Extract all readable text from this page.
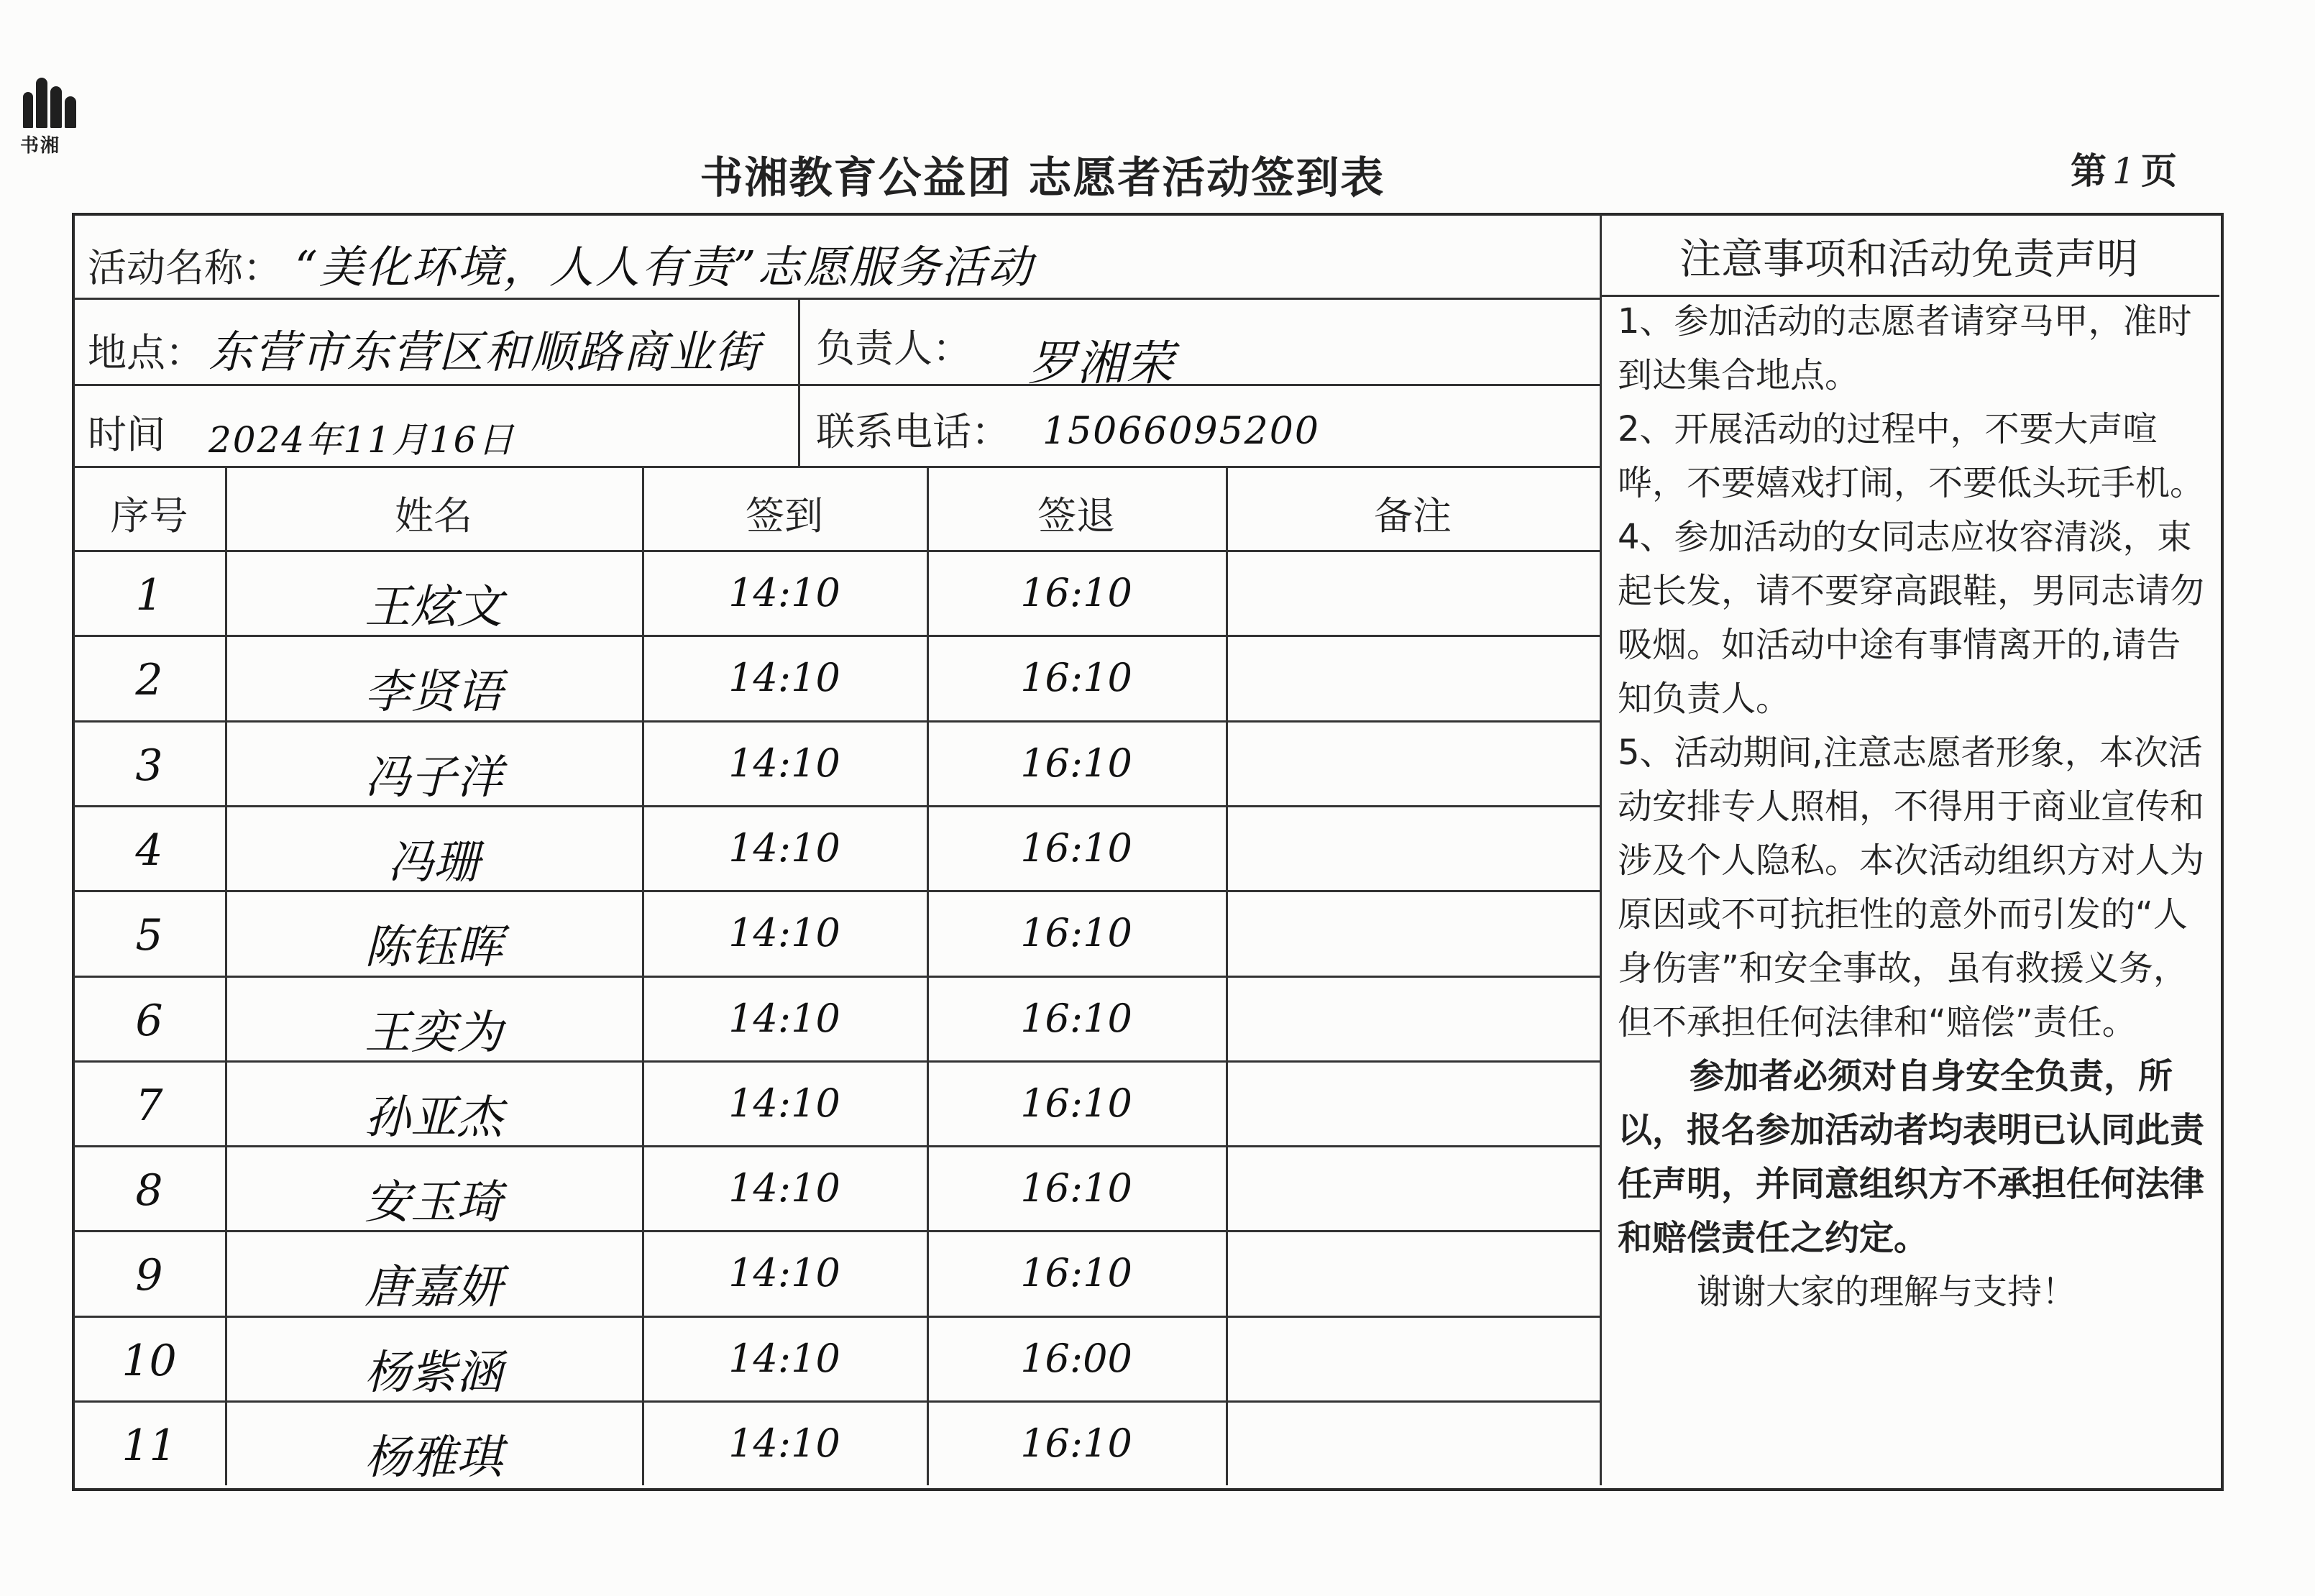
书湘
书湘教育公益团 志愿者活动签到表	第 1 页
活动名称： “美化环境，人人有责”志愿服务活动
地点： 东营市东营区和顺路商业街 负责人： 罗湘荣
时间 2024年11月16日	联系电话： 15066095200
序号	姓名	签到	签退	备注
1	王炫文	14:10	16:10
2	李贤语	14:10	16:10
3	冯子洋	14:10	16:10
4	冯珊	14:10	16:10
5	陈钰晖	14:10	16:10
6	王奕为	14:10	16:10
7	孙亚杰	14:10	16:10
8	安玉琦	14:10	16:10
9	唐嘉妍	14:10	16:10
10	杨紫涵	14:10	16:00
11	杨雅琪	14:10	16:10
注意事项和活动免责声明

1、参加活动的志愿者请穿马甲，准时到达集合地点。

2、开展活动的过程中，不要大声喧哗，不要嬉戏打闹，不要低头玩手机。

4、参加活动的女同志应妆容清淡，束起长发，请不要穿高跟鞋，男同志请勿吸烟。如活动中途有事情离开的,请告知负责人。

5、活动期间,注意志愿者形象，本次活动安排专人照相，不得用于商业宣传和涉及个人隐私。本次活动组织方对人为原因或不可抗拒性的意外而引发的“人身伤害”和安全事故，虽有救援义务，但不承担任何法律和“赔偿”责任。

参加者必须对自身安全负责，所以，报名参加活动者均表明已认同此责任声明，并同意组织方不承担任何法律和赔偿责任之约定。

谢谢大家的理解与支持！
